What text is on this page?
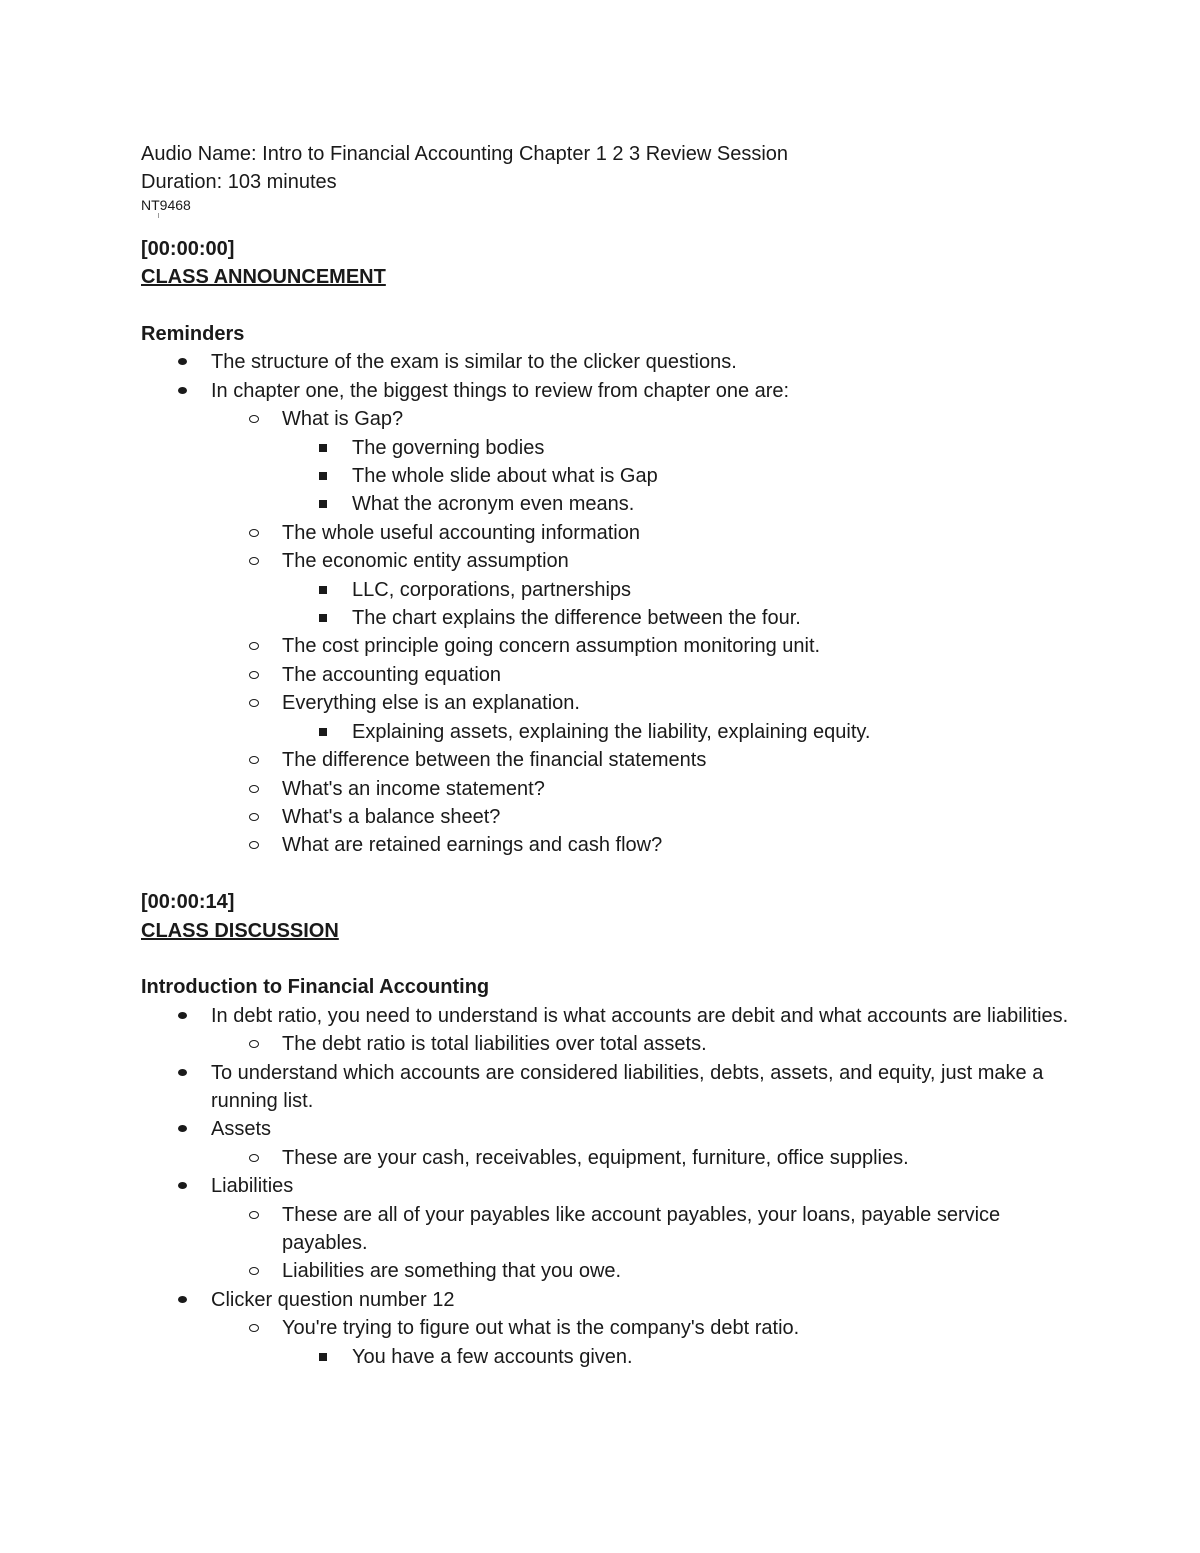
Audio Name: Intro to Financial Accounting Chapter 1 2 3 Review Session
Duration: 103 minutes
NT9468
[00:00:00]
CLASS ANNOUNCEMENT
Reminders
The structure of the exam is similar to the clicker questions.
In chapter one, the biggest things to review from chapter one are:
What is Gap?
The governing bodies
The whole slide about what is Gap
What the acronym even means.
The whole useful accounting information
The economic entity assumption
LLC, corporations, partnerships
The chart explains the difference between the four.
The cost principle going concern assumption monitoring unit.
The accounting equation
Everything else is an explanation.
Explaining assets, explaining the liability, explaining equity.
The difference between the financial statements
What's an income statement?
What's a balance sheet?
What are retained earnings and cash flow?
[00:00:14]
CLASS DISCUSSION
Introduction to Financial Accounting
In debt ratio, you need to understand is what accounts are debit and what accounts are liabilities.
The debt ratio is total liabilities over total assets.
To understand which accounts are considered liabilities, debts, assets, and equity, just make a running list.
Assets
These are your cash, receivables, equipment, furniture, office supplies.
Liabilities
These are all of your payables like account payables, your loans, payable service payables.
Liabilities are something that you owe.
Clicker question number 12
You're trying to figure out what is the company's debt ratio.
You have a few accounts given.
